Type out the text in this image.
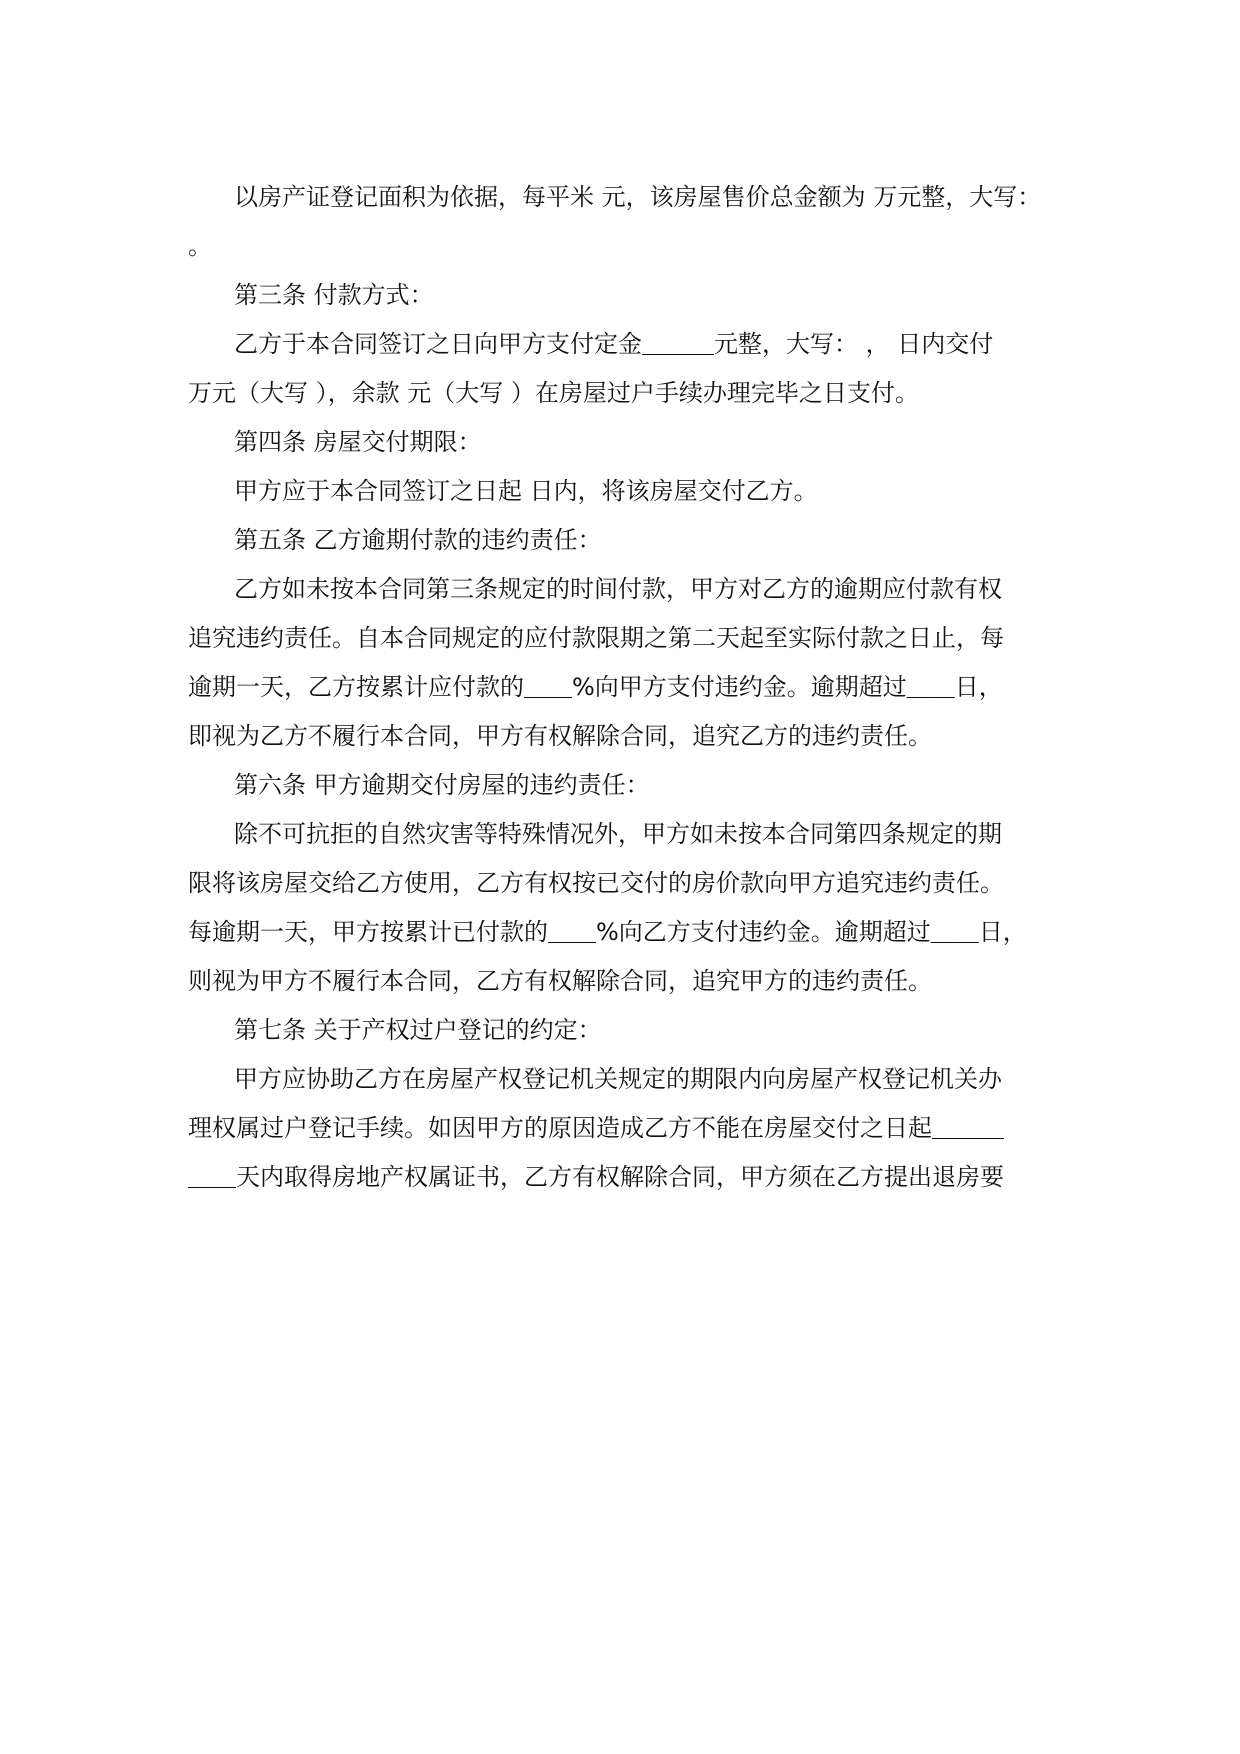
以房产证登记面积为依据，每平米 元，该房屋售价总金额为 万元整，大写：
。
第三条 付款方式：
乙方于本合同签订之日向甲方支付定金＿＿＿元整，大写： ， 日内交付
万元（大写 ），余款 元（大写 ）在房屋过户手续办理完毕之日支付。
第四条 房屋交付期限：
甲方应于本合同签订之日起 日内，将该房屋交付乙方。
第五条 乙方逾期付款的违约责任：
乙方如未按本合同第三条规定的时间付款，甲方对乙方的逾期应付款有权
追究违约责任。自本合同规定的应付款限期之第二天起至实际付款之日止，每
逾期一天，乙方按累计应付款的＿＿%向甲方支付违约金。逾期超过＿＿日，
即视为乙方不履行本合同，甲方有权解除合同，追究乙方的违约责任。
第六条 甲方逾期交付房屋的违约责任：
除不可抗拒的自然灾害等特殊情况外，甲方如未按本合同第四条规定的期
限将该房屋交给乙方使用，乙方有权按已交付的房价款向甲方追究违约责任。
每逾期一天，甲方按累计已付款的＿＿%向乙方支付违约金。逾期超过＿＿日，
则视为甲方不履行本合同，乙方有权解除合同，追究甲方的违约责任。
第七条 关于产权过户登记的约定：
甲方应协助乙方在房屋产权登记机关规定的期限内向房屋产权登记机关办
理权属过户登记手续。如因甲方的原因造成乙方不能在房屋交付之日起＿＿＿
＿＿天内取得房地产权属证书，乙方有权解除合同，甲方须在乙方提出退房要
